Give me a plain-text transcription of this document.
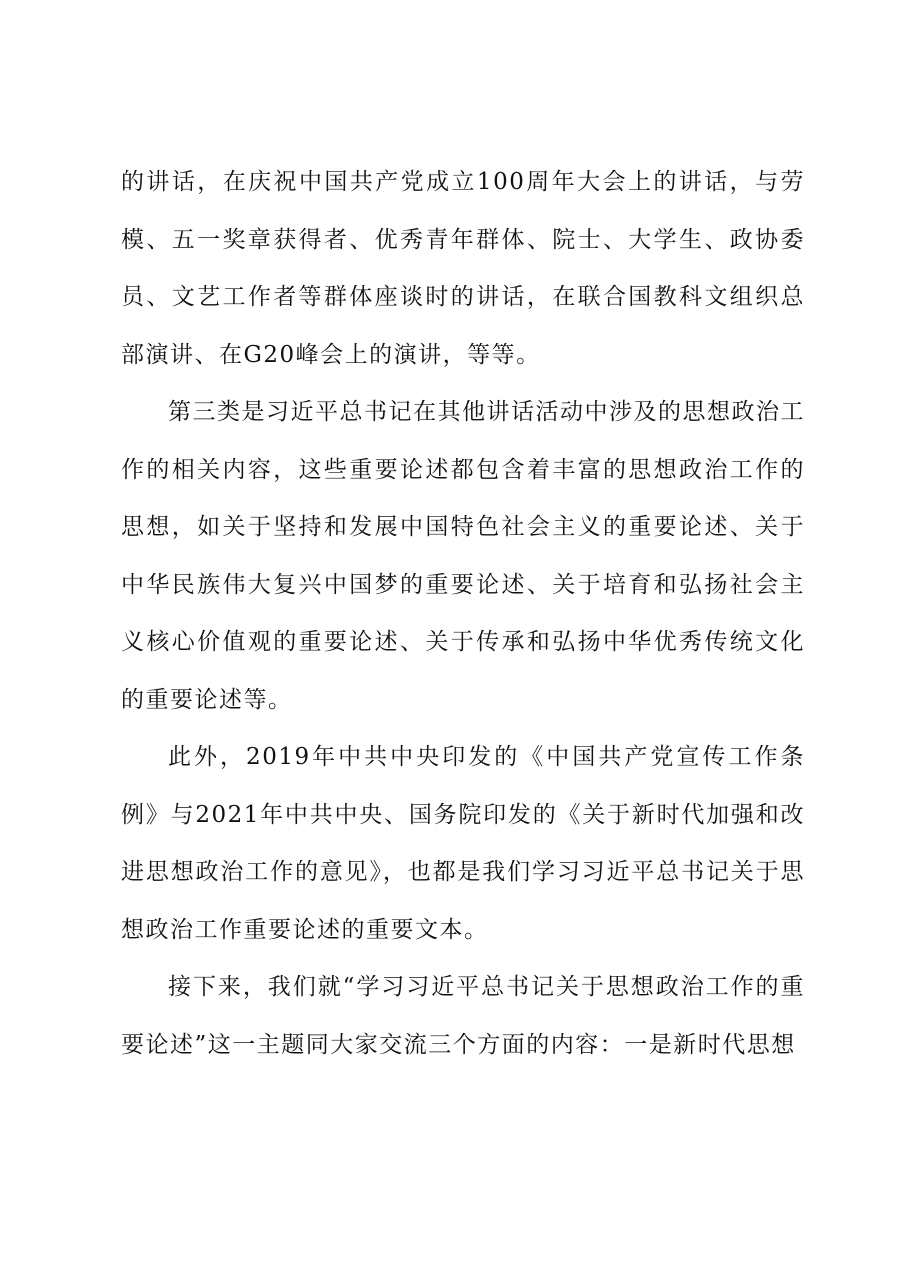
的讲话，在庆祝中国共产党成立100周年大会上的讲话，与劳模、五一奖章获得者、优秀青年群体、院士、大学生、政协委员、文艺工作者等群体座谈时的讲话，在联合国教科文组织总部演讲、在G20峰会上的演讲，等等。

第三类是习近平总书记在其他讲话活动中涉及的思想政治工作的相关内容，这些重要论述都包含着丰富的思想政治工作的思想，如关于坚持和发展中国特色社会主义的重要论述、关于中华民族伟大复兴中国梦的重要论述、关于培育和弘扬社会主义核心价值观的重要论述、关于传承和弘扬中华优秀传统文化的重要论述等。

此外，2019年中共中央印发的《中国共产党宣传工作条例》与2021年中共中央、国务院印发的《关于新时代加强和改进思想政治工作的意见》，也都是我们学习习近平总书记关于思想政治工作重要论述的重要文本。

接下来，我们就“学习习近平总书记关于思想政治工作的重要论述”这一主题同大家交流三个方面的内容：一是新时代思想
